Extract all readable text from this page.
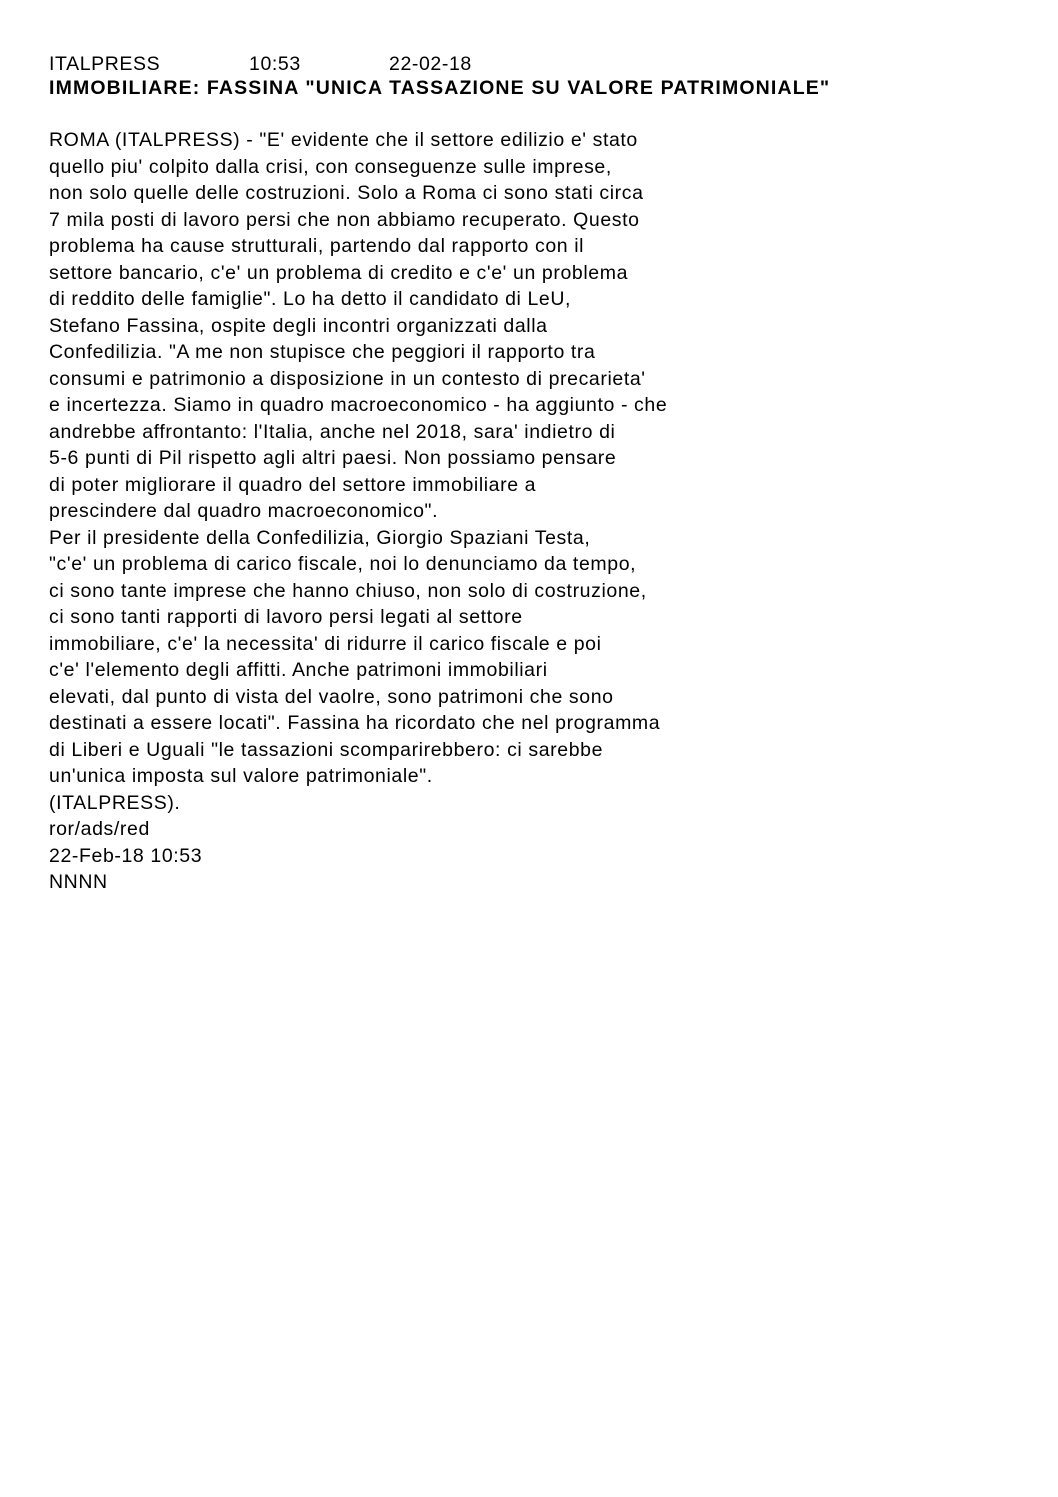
ITALPRESS	10:53	22-02-18
IMMOBILIARE: FASSINA "UNICA TASSAZIONE SU VALORE PATRIMONIALE"
ROMA (ITALPRESS) - "E' evidente che il settore edilizio e' stato
quello piu' colpito dalla crisi, con conseguenze sulle imprese,
non solo quelle delle costruzioni. Solo a Roma ci sono stati circa
7 mila posti di lavoro persi che non abbiamo recuperato. Questo
problema ha cause strutturali, partendo dal rapporto con il
settore bancario, c'e' un problema di credito e c'e' un problema
di reddito delle famiglie". Lo ha detto il candidato di LeU,
Stefano Fassina, ospite degli incontri organizzati dalla
Confedilizia. "A me non stupisce che peggiori il rapporto tra
consumi e patrimonio a disposizione in un contesto di precarieta'
e incertezza. Siamo in quadro macroeconomico - ha aggiunto - che
andrebbe affrontanto: l'Italia, anche nel 2018, sara' indietro di
5-6 punti di Pil rispetto agli altri paesi. Non possiamo pensare
di poter migliorare il quadro del settore immobiliare a
prescindere dal quadro macroeconomico".
Per il presidente della Confedilizia, Giorgio Spaziani Testa,
"c'e' un problema di carico fiscale, noi lo denunciamo da tempo,
ci sono tante imprese che hanno chiuso, non solo di costruzione,
ci sono tanti rapporti di lavoro persi legati al settore
immobiliare, c'e' la necessita' di ridurre il carico fiscale e poi
c'e' l'elemento degli affitti. Anche patrimoni immobiliari
elevati, dal punto di vista del vaolre, sono patrimoni che sono
destinati a essere locati". Fassina ha ricordato che nel programma
di Liberi e Uguali "le tassazioni scomparirebbero: ci sarebbe
un'unica imposta sul valore patrimoniale".
(ITALPRESS).
ror/ads/red
22-Feb-18 10:53
NNNN
